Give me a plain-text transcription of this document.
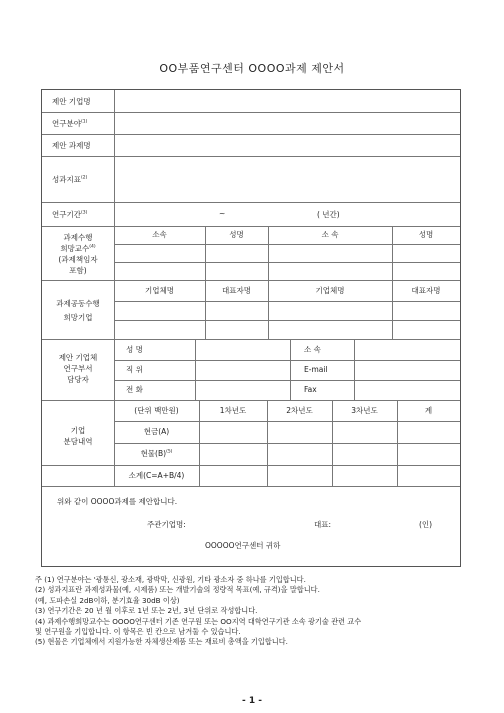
OO부품연구센터 OOOO과제 제안서
제안 기업명
연구분야$^{(1)}$
제안 과제명
성과지표$^{(2)}$
연구기간$^{(3)}$	~	( 년간)
과제수행
희망교수$^{(4)}$
(과제책임자
포함)
소속	성명	소 속	성명
과제공동수행
희망기업
기업체명	대표자명	기업체명	대표자명
제안 기업체
연구부서
담당자
성 명	소 속
직 위	E-mail
전 화	Fax
기업
분담내역
(단위 백만원)	1차년도	2차년도	3차년도	계
현금(A)
현물$(B)^{(5)}$
소계(C=A+B/4)
위와 같이 OOOO과제를 제안합니다.
주관기업명:	대표:	(인)
OOOOO연구센터 귀하
주 (1) 연구분야는 '광통신, 광소재, 광박막, 신광원, 기타 광소자 중 하나를 기입합니다.
(2) 성과지표란 과제성과물(예, 시제품) 또는 개발기술의 정량적 목표(예, 규격)을 말합니다.
(예, 도파손실 2dB이하, 분기효율 30dB 이상)
(3) 연구기간은 20 년 월 이후로 1년 또는 2년, 3년 단위로 작성합니다.
(4) 과제수행희망교수는 OOOO연구센터 기존 연구원 또는 OO지역 대학연구기관 소속 광기술 관련 교수
및 연구원을 기입합니다. 이 항목은 빈 칸으로 남겨둘 수 있습니다.
(5) 현물은 기업체에서 지원가능한 자체생산제품 또는 재료비 총액을 기입합니다.
- 1 -
